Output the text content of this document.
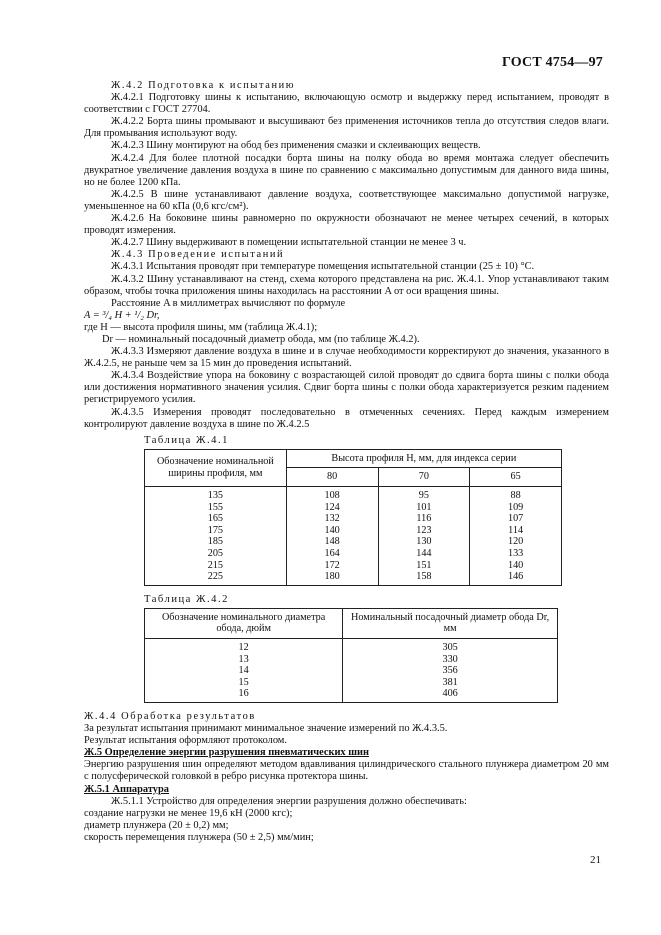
ГОСТ 4754—97

Ж.4.2 Подготовка к испытанию

Ж.4.2.1 Подготовку шины к испытанию, включающую осмотр и выдержку перед испытанием, проводят в соответствии с ГОСТ 27704.

Ж.4.2.2 Борта шины промывают и высушивают без применения источников тепла до отсутствия следов влаги. Для промывания используют воду.

Ж.4.2.3 Шину монтируют на обод без применения смазки и склеивающих веществ.

Ж.4.2.4 Для более плотной посадки борта шины на полку обода во время монтажа следует обеспечить двукратное увеличение давления воздуха в шине по сравнению с максимально допустимым для данного вида шины, но не более 1200 кПа.

Ж.4.2.5 В шине устанавливают давление воздуха, соответствующее максимально допустимой нагрузке, уменьшенное на 60 кПа (0,6 кгс/см²).

Ж.4.2.6 На боковине шины равномерно по окружности обозначают не менее четырех сечений, в которых проводят измерения.

Ж.4.2.7 Шину выдерживают в помещении испытательной станции не менее 3 ч.

Ж.4.3 Проведение испытаний

Ж.4.3.1 Испытания проводят при температуре помещения испытательной станции (25 ± 10) °С.

Ж.4.3.2 Шину устанавливают на стенд, схема которого представлена на рис. Ж.4.1. Упор устанавливают таким образом, чтобы точка приложения шины находилась на расстоянии A от оси вращения шины.

Расстояние A в миллиметрах вычисляют по формуле

A = ³/₄ H + ¹/₂ Dr,

где H — высота профиля шины, мм (таблица Ж.4.1);

Dr — номинальный посадочный диаметр обода, мм (по таблице Ж.4.2).

Ж.4.3.3 Измеряют давление воздуха в шине и в случае необходимости корректируют до значения, указанного в Ж.4.2.5, не раньше чем за 15 мин до проведения испытаний.

Ж.4.3.4 Воздействие упора на боковину с возрастающей силой проводят до сдвига борта шины с полки обода или достижения нормативного значения усилия. Сдвиг борта шины с полки обода характеризуется резким падением регистрируемого усилия.

Ж.4.3.5 Измерения проводят последовательно в отмеченных сечениях. Перед каждым измерением контролируют давление воздуха в шине по Ж.4.2.5

Таблица Ж.4.1
Обозначение номинальной ширины профиля, мм	Высота профиля H, мм, для индекса серии		
	80	70	65
135	108	95	88
155	124	101	109
165	132	116	107
175	140	123	114
185	148	130	120
205	164	144	133
215	172	151	140
225	180	158	146
Таблица Ж.4.2
Обозначение номинального диаметра обода, дюйм	Номинальный посадочный диаметр обода Dr, мм
12	305
13	330
14	356
15	381
16	406

Ж.4.4 Обработка результатов

За результат испытания принимают минимальное значение измерений по Ж.4.3.5.

Результат испытания оформляют протоколом.

Ж.5 Определение энергии разрушения пневматических шин

Энергию разрушения шин определяют методом вдавливания цилиндрического стального плунжера диаметром 20 мм с полусферической головкой в ребро рисунка протектора шины.

Ж.5.1 Аппаратура

Ж.5.1.1 Устройство для определения энергии разрушения должно обеспечивать:

создание нагрузки не менее 19,6 кН (2000 кгс);

диаметр плунжера (20 ± 0,2) мм;

скорость перемещения плунжера (50 ± 2,5) мм/мин;

21
